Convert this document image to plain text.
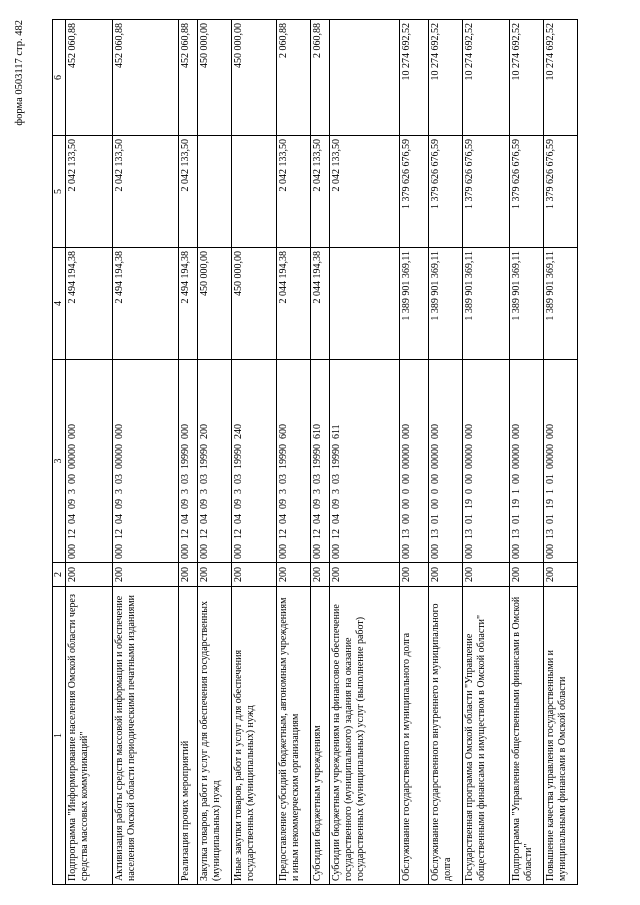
форма 0503117 стр. 482
1	2	3	4	5	6
Подпрограмма "Информирование населения Омской области через средства массовых коммуникаций"	200	000  12  04  09  3  00  00000  000	2 494 194,38	2 042 133,50	452 060,88
Активизация работы средств массовой информации и обеспечение населения Омской области периодическими печатными изданиями	200	000  12  04  09  3  03  00000  000	2 494 194,38	2 042 133,50	452 060,88
Реализация прочих мероприятий	200	000  12  04  09  3  03  19990  000	2 494 194,38	2 042 133,50	452 060,88
Закупка товаров, работ и услуг для обеспечения государственных (муниципальных) нужд	200	000  12  04  09  3  03  19990  200	450 000,00		450 000,00
Иные закупки товаров, работ и услуг для обеспечения государственных (муниципальных) нужд	200	000  12  04  09  3  03  19990  240	450 000,00		450 000,00
Предоставление субсидий бюджетным, автономным учреждениям и иным некоммерческим организациям	200	000  12  04  09  3  03  19990  600	2 044 194,38	2 042 133,50	2 060,88
Субсидии бюджетным учреждениям	200	000  12  04  09  3  03  19990  610	2 044 194,38	2 042 133,50	2 060,88
Субсидии бюджетным учреждениям на финансовое обеспечение государственного (муниципального) задания на оказание государственных (муниципальных) услуг (выполнение работ)	200	000  12  04  09  3  03  19990  611		2 042 133,50	
Обслуживание государственного и муниципального долга	200	000  13  00  00  0  00  00000  000	1 389 901 369,11	1 379 626 676,59	10 274 692,52
Обслуживание государственного внутреннего и муниципального долга	200	000  13  01  00  0  00  00000  000	1 389 901 369,11	1 379 626 676,59	10 274 692,52
Государственная программа Омской области "Управление общественными финансами и имуществом в Омской области"	200	000  13  01  19  0  00  00000  000	1 389 901 369,11	1 379 626 676,59	10 274 692,52
Подпрограмма "Управление общественными финансами в Омской области"	200	000  13  01  19  1  00  00000  000	1 389 901 369,11	1 379 626 676,59	10 274 692,52
Повышение качества управления государственными и муниципальными финансами в Омской области	200	000  13  01  19  1  01  00000  000	1 389 901 369,11	1 379 626 676,59	10 274 692,52
